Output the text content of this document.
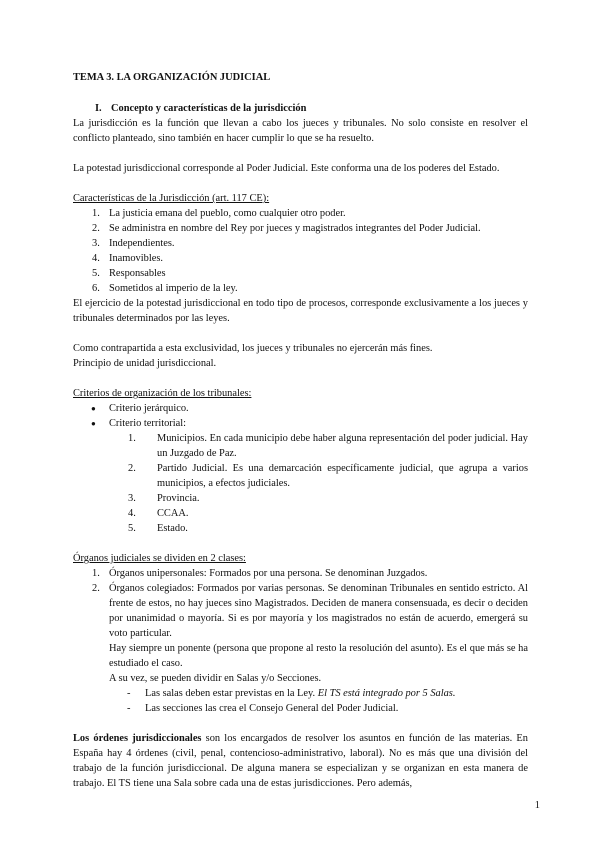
TEMA 3. LA ORGANIZACIÓN JUDICIAL

I. Concepto y características de la jurisdicción

La jurisdicción es la función que llevan a cabo los jueces y tribunales. No solo consiste en resolver el conflicto planteado, sino también en hacer cumplir lo que se ha resuelto.

La potestad jurisdiccional corresponde al Poder Judicial. Este conforma una de los poderes del Estado.

Características de la Jurisdicción (art. 117 CE):

1. La justicia emana del pueblo, como cualquier otro poder.
2. Se administra en nombre del Rey por jueces y magistrados integrantes del Poder Judicial.
3. Independientes.
4. Inamovibles.
5. Responsables
6. Sometidos al imperio de la ley.

El ejercicio de la potestad jurisdiccional en todo tipo de procesos, corresponde exclusivamente a los jueces y tribunales determinados por las leyes.

Como contrapartida a esta exclusividad, los jueces y tribunales no ejercerán más fines.

Principio de unidad jurisdiccional.

Criterios de organización de los tribunales:

● Criterio jerárquico.
● Criterio territorial:
1. Municipios. En cada municipio debe haber alguna representación del poder judicial. Hay un Juzgado de Paz.
2. Partido Judicial. Es una demarcación específicamente judicial, que agrupa a varios municipios, a efectos judiciales.
3. Provincia.
4. CCAA.
5. Estado.

Órganos judiciales se dividen en 2 clases:

1. Órganos unipersonales: Formados por una persona. Se denominan Juzgados.
2. Órganos colegiados: Formados por varias personas. Se denominan Tribunales en sentido estricto. Al frente de estos, no hay jueces sino Magistrados. Deciden de manera consensuada, es decir o deciden por unanimidad o mayoría. Si es por mayoría y los magistrados no están de acuerdo, emergerá su voto particular.

Hay siempre un ponente (persona que propone al resto la resolución del asunto). Es el que más se ha estudiado el caso.

A su vez, se pueden dividir en Salas y/o Secciones.

- Las salas deben estar previstas en la Ley. El TS está integrado por 5 Salas.
- Las secciones las crea el Consejo General del Poder Judicial.

Los órdenes jurisdiccionales son los encargados de resolver los asuntos en función de las materias. En España hay 4 órdenes (civil, penal, contencioso-administrativo, laboral). No es más que una división del trabajo de la función jurisdiccional. De alguna manera se especializan y se organizan en esta manera de trabajo. El TS tiene una Sala sobre cada una de estas jurisdicciones. Pero además,

1
